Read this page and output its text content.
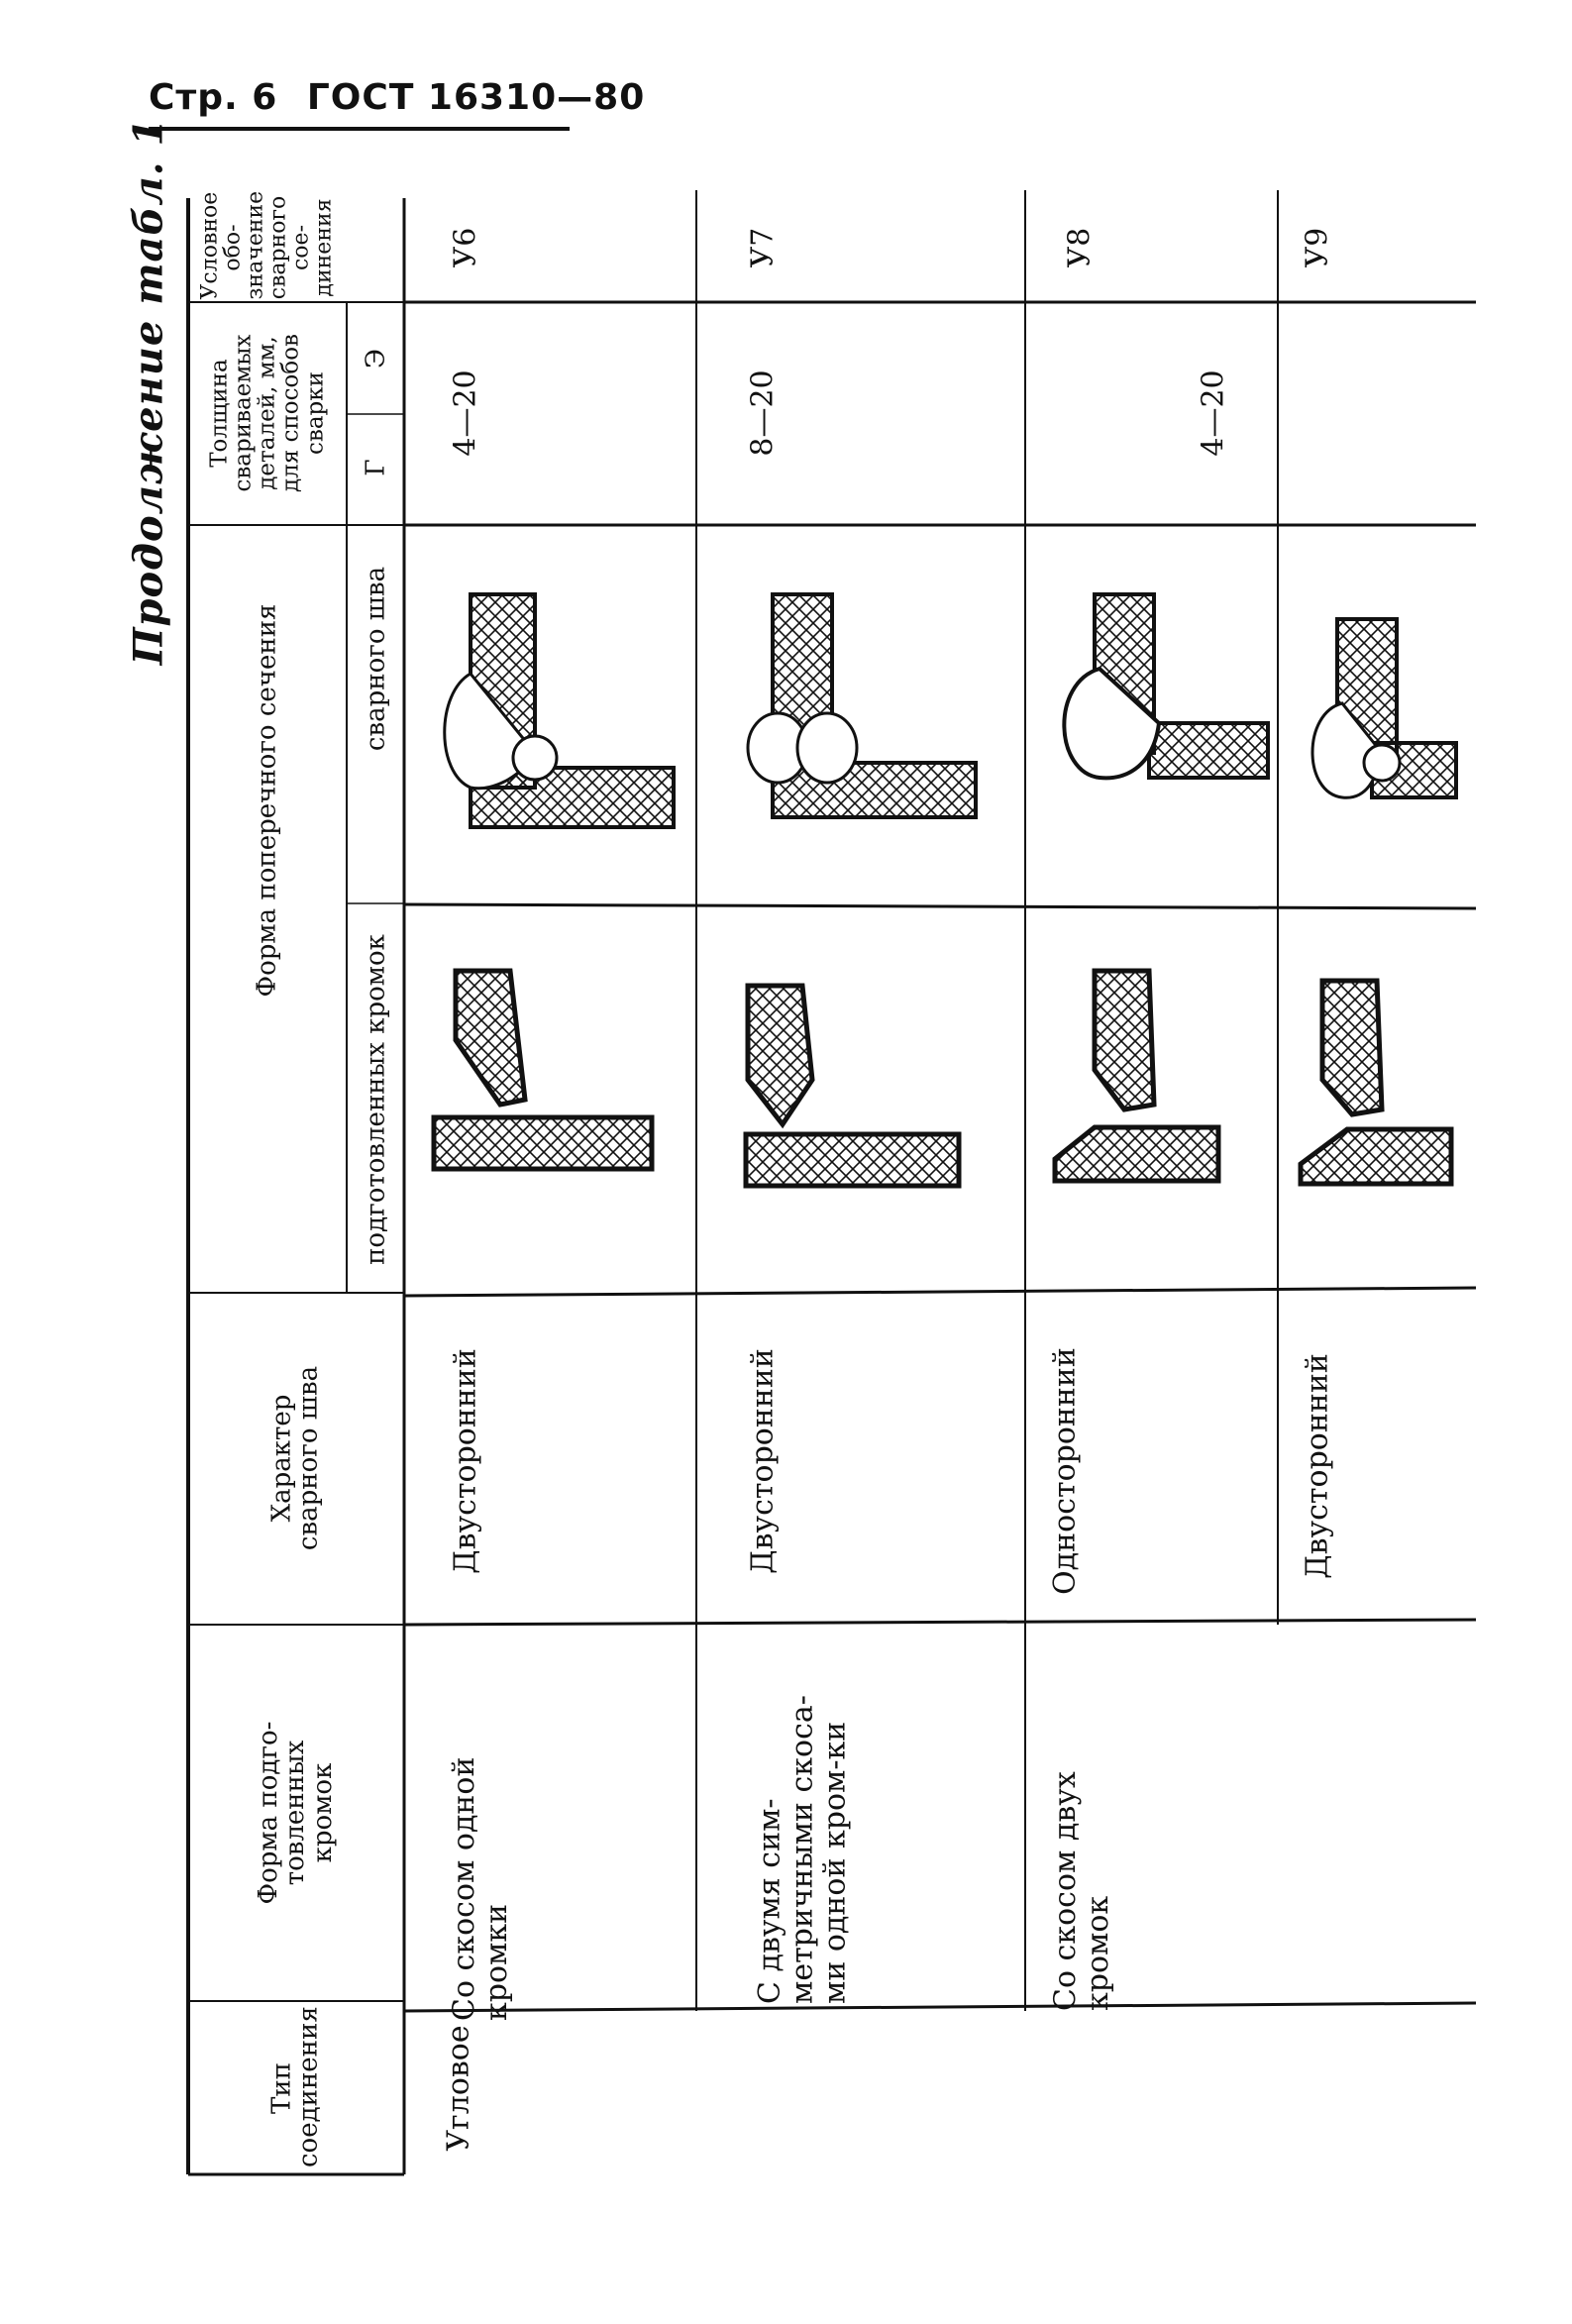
Стр. 6 ГОСТ 16310—80
Продолжение табл. 1
Тип соединения
Форма подго-товленных кромок
Характер сварного шва
Форма поперечного сечения
подготовленных кромок
сварного шва
Толщина свариваемых деталей, мм, для способов сварки
Г
Э
Условное обо-значение сварного сое-динения
Угловое
Со скосом одной кромки
Двусторонний
4—20
У6
С двумя сим-метричными скоса-ми одной кром-ки
Двусторонний
8—20
У7
Со скосом двух кромок
Односторонний
4—20
У8
Двусторонний
У9
